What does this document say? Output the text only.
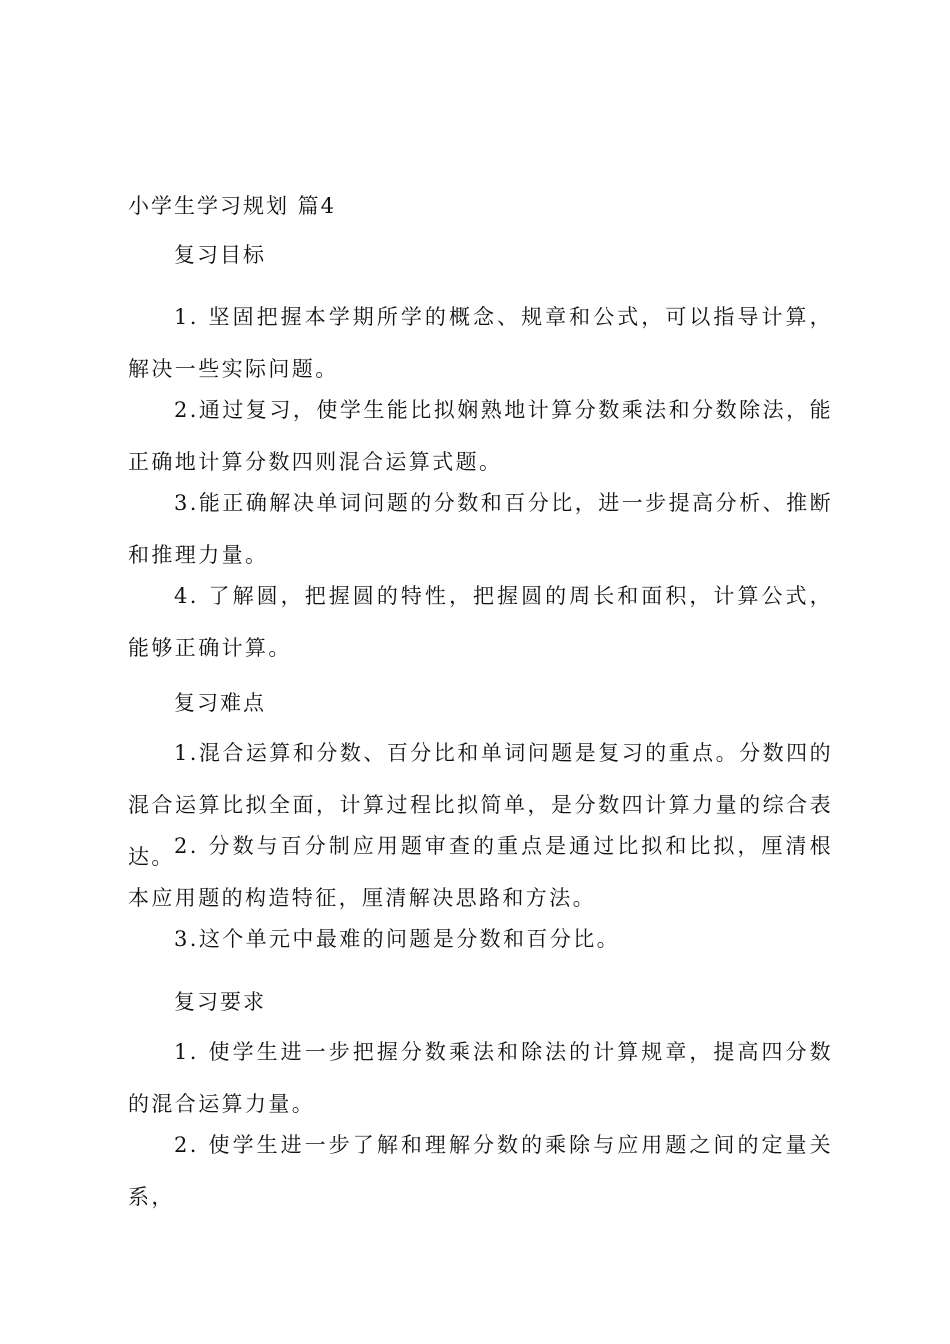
小学生学习规划 篇4
复习目标
1. 坚固把握本学期所学的概念、规章和公式，可以指导计算，解决一些实际问题。
2.通过复习，使学生能比拟娴熟地计算分数乘法和分数除法，能正确地计算分数四则混合运算式题。
3.能正确解决单词问题的分数和百分比，进一步提高分析、推断和推理力量。
4. 了解圆，把握圆的特性，把握圆的周长和面积，计算公式，能够正确计算。
复习难点
1.混合运算和分数、百分比和单词问题是复习的重点。分数四的混合运算比拟全面，计算过程比拟简单，是分数四计算力量的综合表达。 2. 分数与百分制应用题审查的重点是通过比拟和比拟，厘清根本应用题的构造特征，厘清解决思路和方法。
3.这个单元中最难的问题是分数和百分比。
复习要求
1. 使学生进一步把握分数乘法和除法的计算规章，提高四分数的混合运算力量。
2. 使学生进一步了解和理解分数的乘除与应用题之间的定量关系，
